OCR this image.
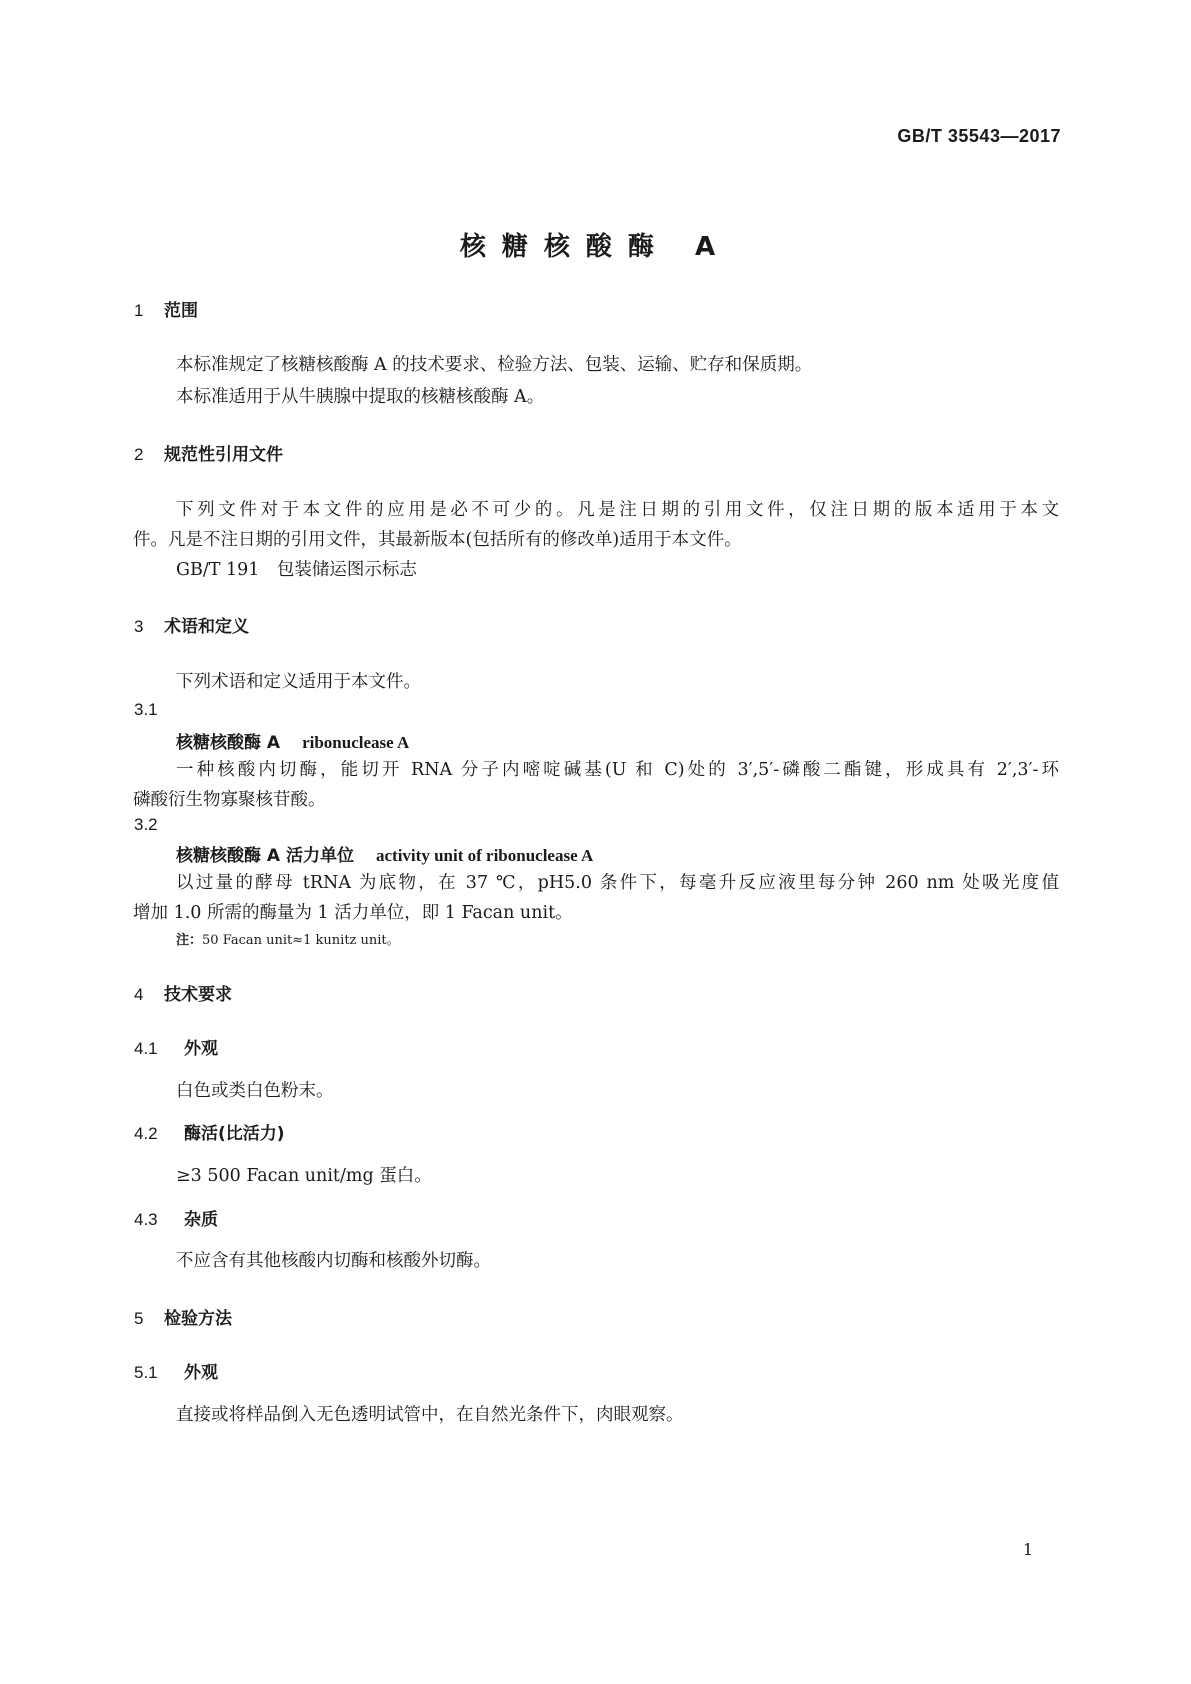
GB/T 35543—2017
核糖核酸酶 A
1 范围
本标准规定了核糖核酸酶 A 的技术要求、检验方法、包装、运输、贮存和保质期。
本标准适用于从牛胰腺中提取的核糖核酸酶 A。
2 规范性引用文件
下列文件对于本文件的应用是必不可少的。凡是注日期的引用文件，仅注日期的版本适用于本文
件。凡是不注日期的引用文件，其最新版本(包括所有的修改单)适用于本文件。
GB/T 191　包装储运图示标志
3 术语和定义
下列术语和定义适用于本文件。
3.1
核糖核酸酶 A ribonuclease A
一种核酸内切酶，能切开 RNA 分子内嘧啶碱基(U 和 C)处的 3′,5′-磷酸二酯键，形成具有 2′,3′-环
磷酸衍生物寡聚核苷酸。
3.2
核糖核酸酶 A 活力单位 activity unit of ribonuclease A
以过量的酵母 tRNA 为底物，在 37 ℃，pH5.0 条件下，每毫升反应液里每分钟 260 nm 处吸光度值
增加 1.0 所需的酶量为 1 活力单位，即 1 Facan unit。
注：50 Facan unit≈1 kunitz unit。
4 技术要求
4.1 外观
白色或类白色粉末。
4.2 酶活(比活力)
≥3 500 Facan unit/mg 蛋白。
4.3 杂质
不应含有其他核酸内切酶和核酸外切酶。
5 检验方法
5.1 外观
直接或将样品倒入无色透明试管中，在自然光条件下，肉眼观察。
1
